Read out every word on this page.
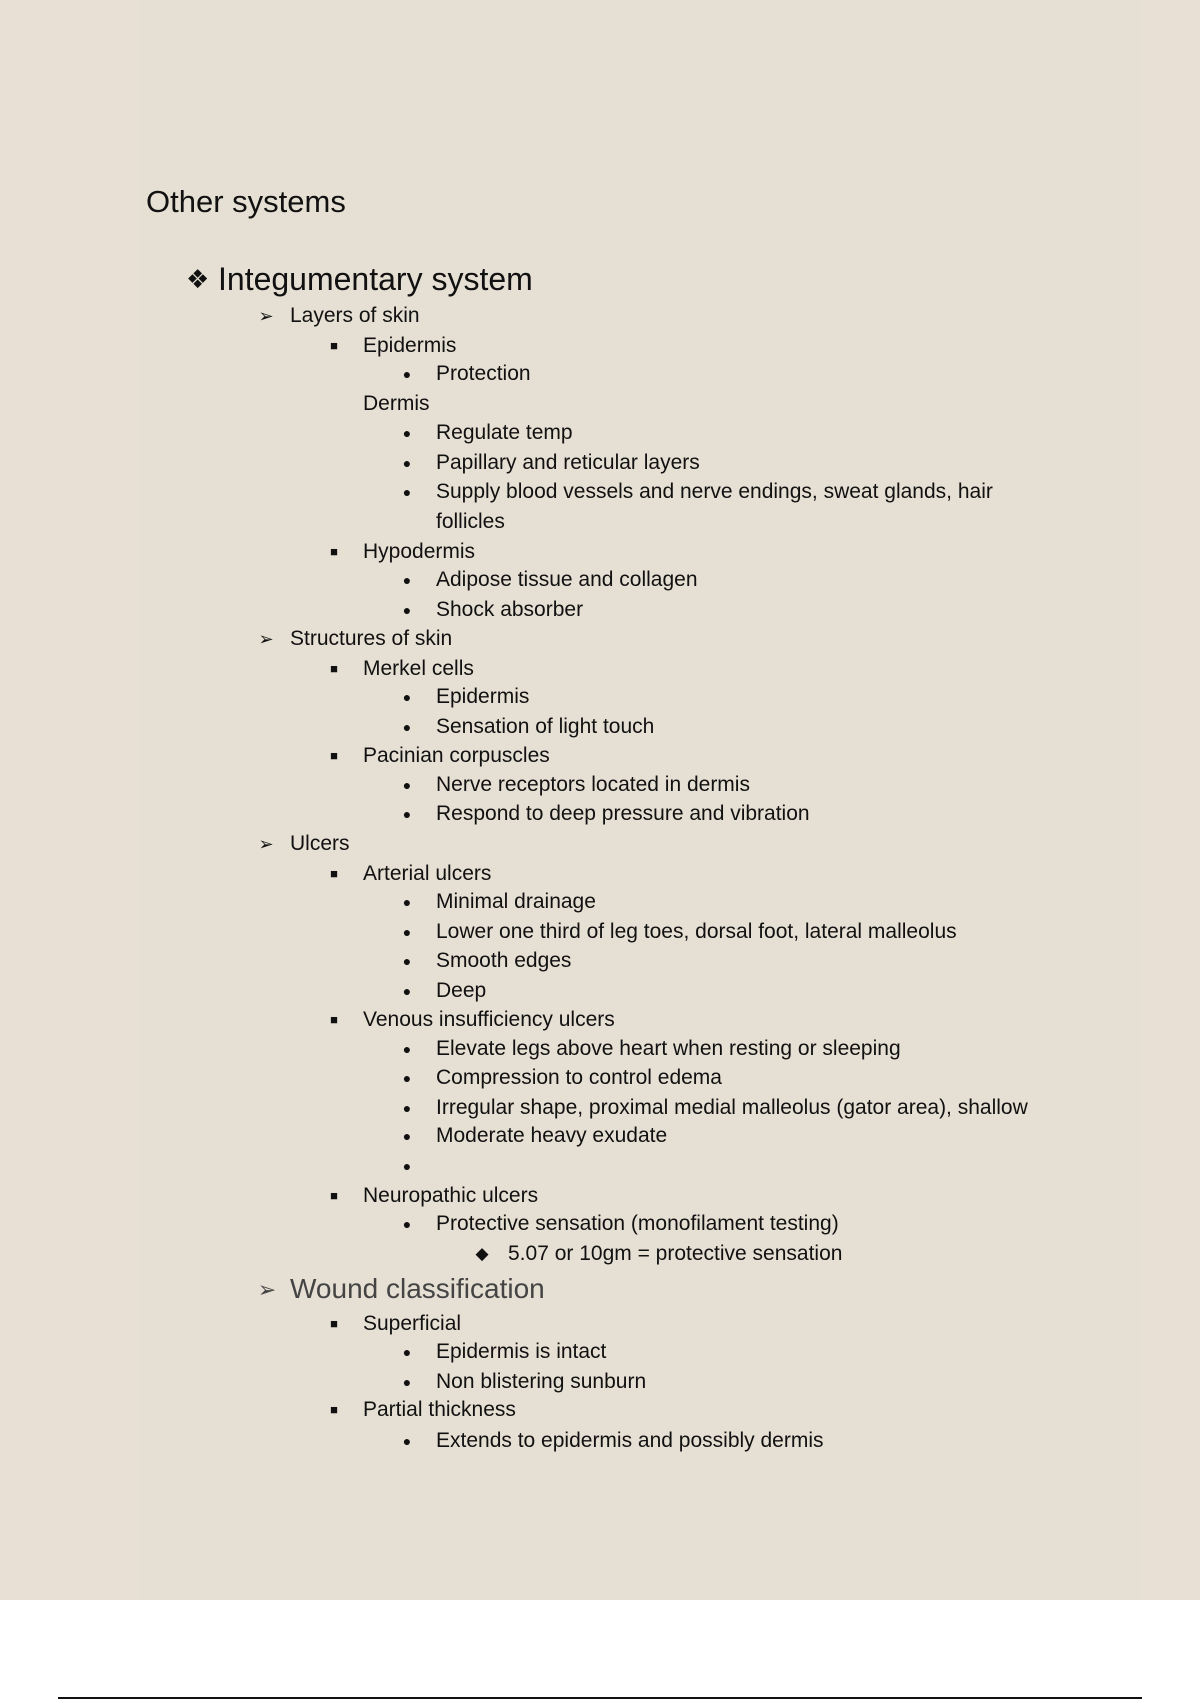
Other systems
❖ Integumentary system
➢ Layers of skin
■ Epidermis
● Protection
Dermis
● Regulate temp
● Papillary and reticular layers
● Supply blood vessels and nerve endings, sweat glands, hair
follicles
■ Hypodermis
● Adipose tissue and collagen
● Shock absorber
➢ Structures of skin
■ Merkel cells
● Epidermis
● Sensation of light touch
■ Pacinian corpuscles
● Nerve receptors located in dermis
● Respond to deep pressure and vibration
➢ Ulcers
■ Arterial ulcers
● Minimal drainage
● Lower one third of leg toes, dorsal foot, lateral malleolus
● Smooth edges
● Deep
■ Venous insufficiency ulcers
● Elevate legs above heart when resting or sleeping
● Compression to control edema
● Irregular shape, proximal medial malleolus (gator area), shallow
● Moderate heavy exudate
●
■ Neuropathic ulcers
● Protective sensation (monofilament testing)
◆ 5.07 or 10gm = protective sensation
➢ Wound classification
■ Superficial
● Epidermis is intact
● Non blistering sunburn
■ Partial thickness
● Extends to epidermis and possibly dermis
